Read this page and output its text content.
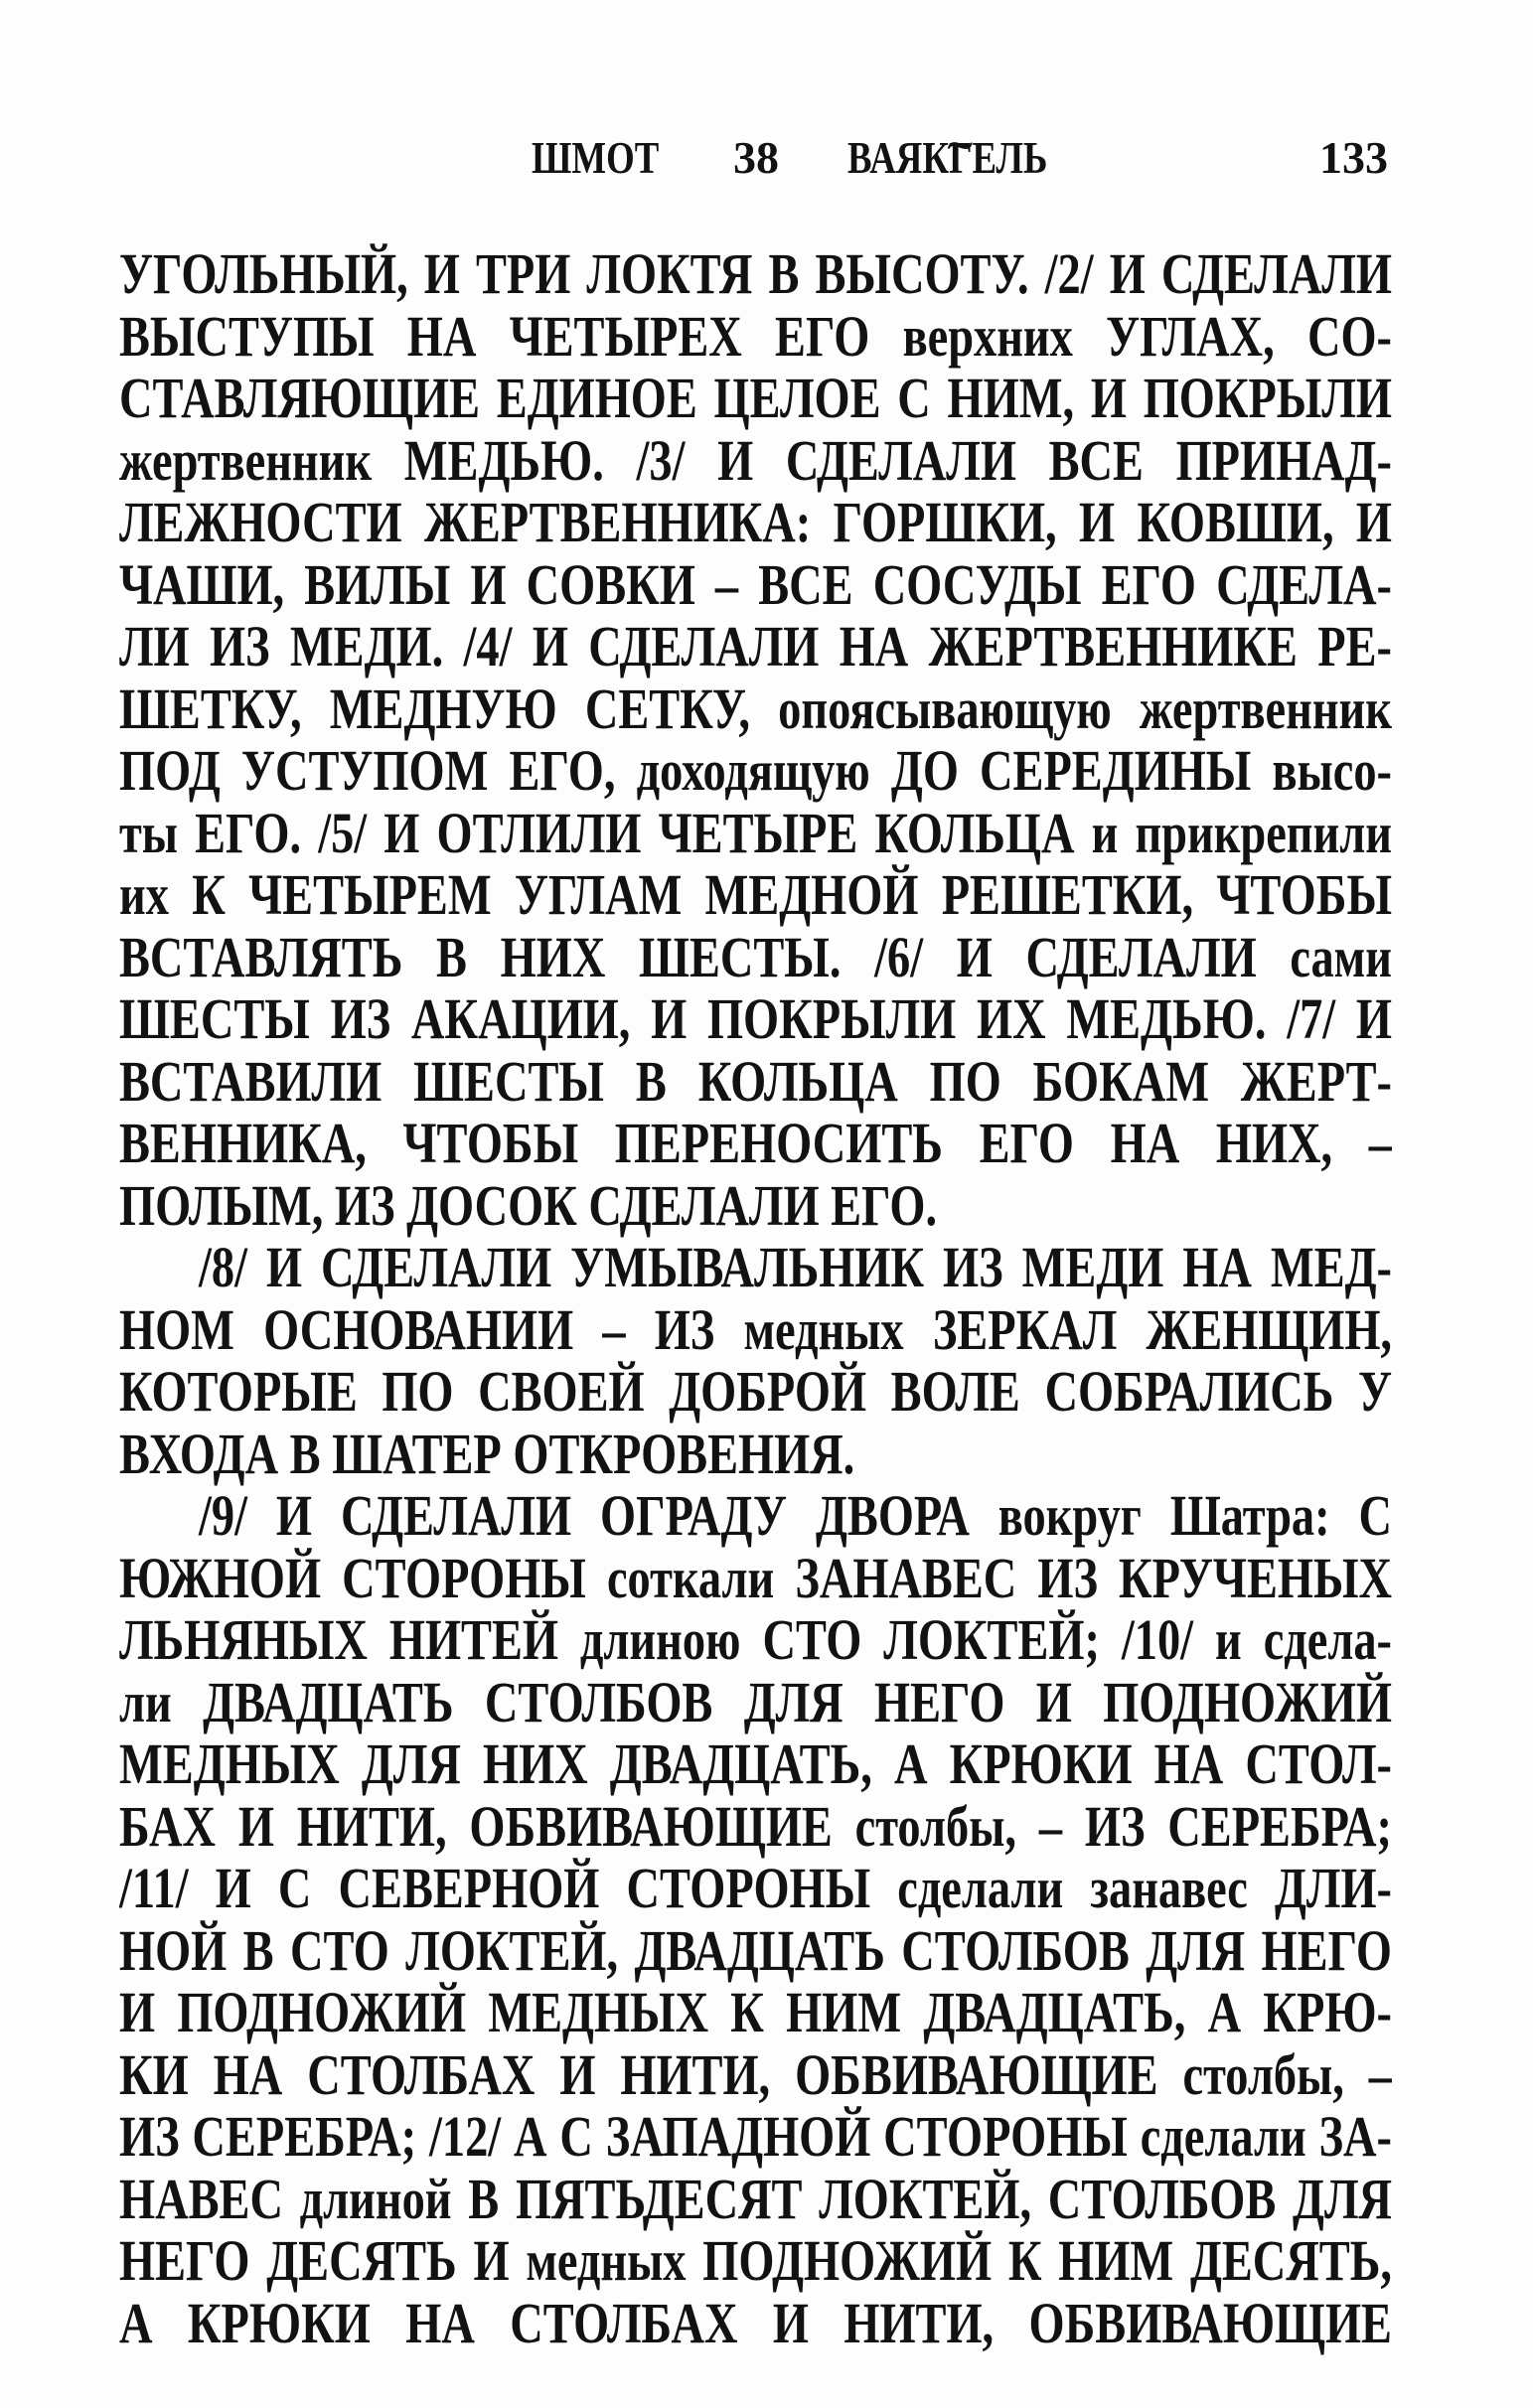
ШМОТ 38 ВАЯК͠ГЕЛЬ	133
УГОЛЬНЫЙ, И ТРИ ЛОКТЯ В ВЫСОТУ. /2/ И СДЕЛАЛИ
ВЫСТУПЫ НА ЧЕТЫРЕХ ЕГО верхних УГЛАХ, СО-
СТАВЛЯЮЩИЕ ЕДИНОЕ ЦЕЛОЕ С НИМ, И ПОКРЫЛИ
жертвенник МЕДЬЮ. /3/ И СДЕЛАЛИ ВСЕ ПРИНАД-
ЛЕЖНОСТИ ЖЕРТВЕННИКА: ГОРШКИ, И КОВШИ, И
ЧАШИ, ВИЛЫ И СОВКИ – ВСЕ СОСУДЫ ЕГО СДЕЛА-
ЛИ ИЗ МЕДИ. /4/ И СДЕЛАЛИ НА ЖЕРТВЕННИКЕ РЕ-
ШЕТКУ, МЕДНУЮ СЕТКУ, опоясывающую жертвенник
ПОД УСТУПОМ ЕГО, доходящую ДО СЕРЕДИНЫ высо-
ты ЕГО. /5/ И ОТЛИЛИ ЧЕТЫРЕ КОЛЬЦА и прикрепили
их К ЧЕТЫРЕМ УГЛАМ МЕДНОЙ РЕШЕТКИ, ЧТОБЫ
ВСТАВЛЯТЬ В НИХ ШЕСТЫ. /6/ И СДЕЛАЛИ сами
ШЕСТЫ ИЗ АКАЦИИ, И ПОКРЫЛИ ИХ МЕДЬЮ. /7/ И
ВСТАВИЛИ ШЕСТЫ В КОЛЬЦА ПО БОКАМ ЖЕРТ-
ВЕННИКА, ЧТОБЫ ПЕРЕНОСИТЬ ЕГО НА НИХ, –
ПОЛЫМ, ИЗ ДОСОК СДЕЛАЛИ ЕГО.
/8/ И СДЕЛАЛИ УМЫВАЛЬНИК ИЗ МЕДИ НА МЕД-
НОМ ОСНОВАНИИ – ИЗ медных ЗЕРКАЛ ЖЕНЩИН,
КОТОРЫЕ ПО СВОЕЙ ДОБРОЙ ВОЛЕ СОБРАЛИСЬ У
ВХОДА В ШАТЕР ОТКРОВЕНИЯ.
/9/ И СДЕЛАЛИ ОГРАДУ ДВОРА вокруг Шатра: С
ЮЖНОЙ СТОРОНЫ соткали ЗАНАВЕС ИЗ КРУЧЕНЫХ
ЛЬНЯНЫХ НИТЕЙ длиною СТО ЛОКТЕЙ; /10/ и сдела-
ли ДВАДЦАТЬ СТОЛБОВ ДЛЯ НЕГО И ПОДНОЖИЙ
МЕДНЫХ ДЛЯ НИХ ДВАДЦАТЬ, А КРЮКИ НА СТОЛ-
БАХ И НИТИ, ОБВИВАЮЩИЕ столбы, – ИЗ СЕРЕБРА;
/11/ И С СЕВЕРНОЙ СТОРОНЫ сделали занавес ДЛИ-
НОЙ В СТО ЛОКТЕЙ, ДВАДЦАТЬ СТОЛБОВ ДЛЯ НЕГО
И ПОДНОЖИЙ МЕДНЫХ К НИМ ДВАДЦАТЬ, А КРЮ-
КИ НА СТОЛБАХ И НИТИ, ОБВИВАЮЩИЕ столбы, –
ИЗ СЕРЕБРА; /12/ А С ЗАПАДНОЙ СТОРОНЫ сделали ЗА-
НАВЕС длиной В ПЯТЬДЕСЯТ ЛОКТЕЙ, СТОЛБОВ ДЛЯ
НЕГО ДЕСЯТЬ И медных ПОДНОЖИЙ К НИМ ДЕСЯТЬ,
А КРЮКИ НА СТОЛБАХ И НИТИ, ОБВИВАЮЩИЕ
